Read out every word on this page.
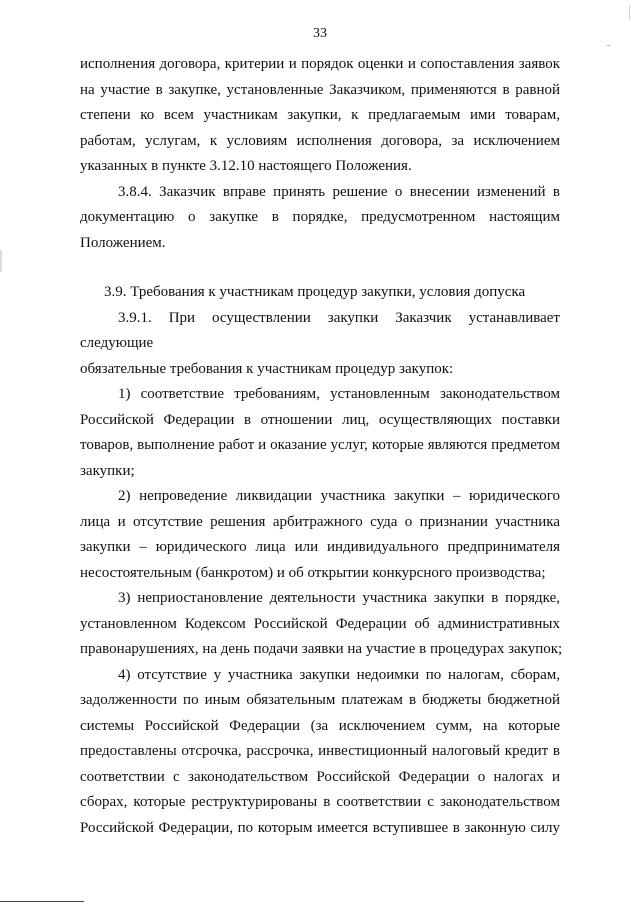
33

исполнения договора, критерии и порядок оценки и сопоставления заявок
на участие в закупке, установленные Заказчиком, применяются в равной
степени ко всем участникам закупки, к предлагаемым ими товарам,
работам, услугам, к условиям исполнения договора, за исключением
указанных в пункте 3.12.10 настоящего Положения.

3.8.4. Заказчик вправе принять решение о внесении изменений в
документацию о закупке в порядке, предусмотренном настоящим
Положением.

3.9. Требования к участникам процедур закупки, условия допуска

3.9.1. При осуществлении закупки Заказчик устанавливает следующие
обязательные требования к участникам процедур закупок:

1) соответствие требованиям, установленным законодательством
Российской Федерации в отношении лиц, осуществляющих поставки
товаров, выполнение работ и оказание услуг, которые являются предметом
закупки;

2) непроведение ликвидации участника закупки – юридического
лица и отсутствие решения арбитражного суда о признании участника
закупки – юридического лица или индивидуального предпринимателя
несостоятельным (банкротом) и об открытии конкурсного производства;

3) неприостановление деятельности участника закупки в порядке,
установленном Кодексом Российской Федерации об административных
правонарушениях, на день подачи заявки на участие в процедурах закупок;

4) отсутствие у участника закупки недоимки по налогам, сборам,
задолженности по иным обязательным платежам в бюджеты бюджетной
системы Российской Федерации (за исключением сумм, на которые
предоставлены отсрочка, рассрочка, инвестиционный налоговый кредит в
соответствии с законодательством Российской Федерации о налогах и
сборах, которые реструктурированы в соответствии с законодательством
Российской Федерации, по которым имеется вступившее в законную силу
